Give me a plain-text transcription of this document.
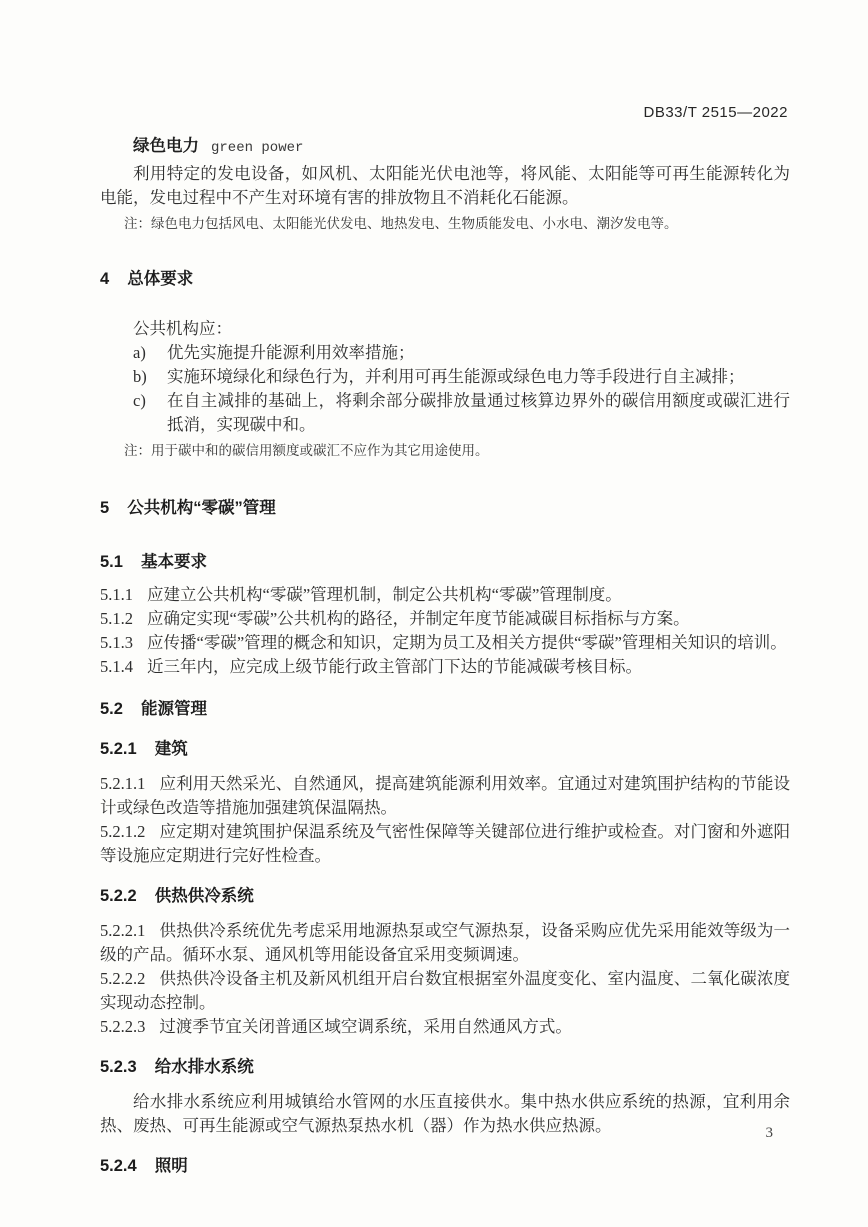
DB33/T 2515—2022

绿色电力 green power

利用特定的发电设备，如风机、太阳能光伏电池等，将风能、太阳能等可再生能源转化为电能，发电过程中不产生对环境有害的排放物且不消耗化石能源。

注：绿色电力包括风电、太阳能光伏发电、地热发电、生物质能发电、小水电、潮汐发电等。

4 总体要求

公共机构应：

a)	优先实施提升能源利用效率措施；
b)	实施环境绿化和绿色行为，并利用可再生能源或绿色电力等手段进行自主减排；
c)	在自主减排的基础上，将剩余部分碳排放量通过核算边界外的碳信用额度或碳汇进行抵消，实现碳中和。

注：用于碳中和的碳信用额度或碳汇不应作为其它用途使用。

5 公共机构“零碳”管理
5.1 基本要求

5.1.1 应建立公共机构“零碳”管理机制，制定公共机构“零碳”管理制度。

5.1.2 应确定实现“零碳”公共机构的路径，并制定年度节能减碳目标指标与方案。

5.1.3 应传播“零碳”管理的概念和知识，定期为员工及相关方提供“零碳”管理相关知识的培训。

5.1.4 近三年内，应完成上级节能行政主管部门下达的节能减碳考核目标。

5.2 能源管理
5.2.1 建筑

5.2.1.1 应利用天然采光、自然通风，提高建筑能源利用效率。宜通过对建筑围护结构的节能设计或绿色改造等措施加强建筑保温隔热。

5.2.1.2 应定期对建筑围护保温系统及气密性保障等关键部位进行维护或检查。对门窗和外遮阳等设施应定期进行完好性检查。

5.2.2 供热供冷系统

5.2.2.1 供热供冷系统优先考虑采用地源热泵或空气源热泵，设备采购应优先采用能效等级为一级的产品。循环水泵、通风机等用能设备宜采用变频调速。

5.2.2.2 供热供冷设备主机及新风机组开启台数宜根据室外温度变化、室内温度、二氧化碳浓度实现动态控制。

5.2.2.3 过渡季节宜关闭普通区域空调系统，采用自然通风方式。

5.2.3 给水排水系统

给水排水系统应利用城镇给水管网的水压直接供水。集中热水供应系统的热源，宜利用余热、废热、可再生能源或空气源热泵热水机（器）作为热水供应热源。

5.2.4 照明
3
